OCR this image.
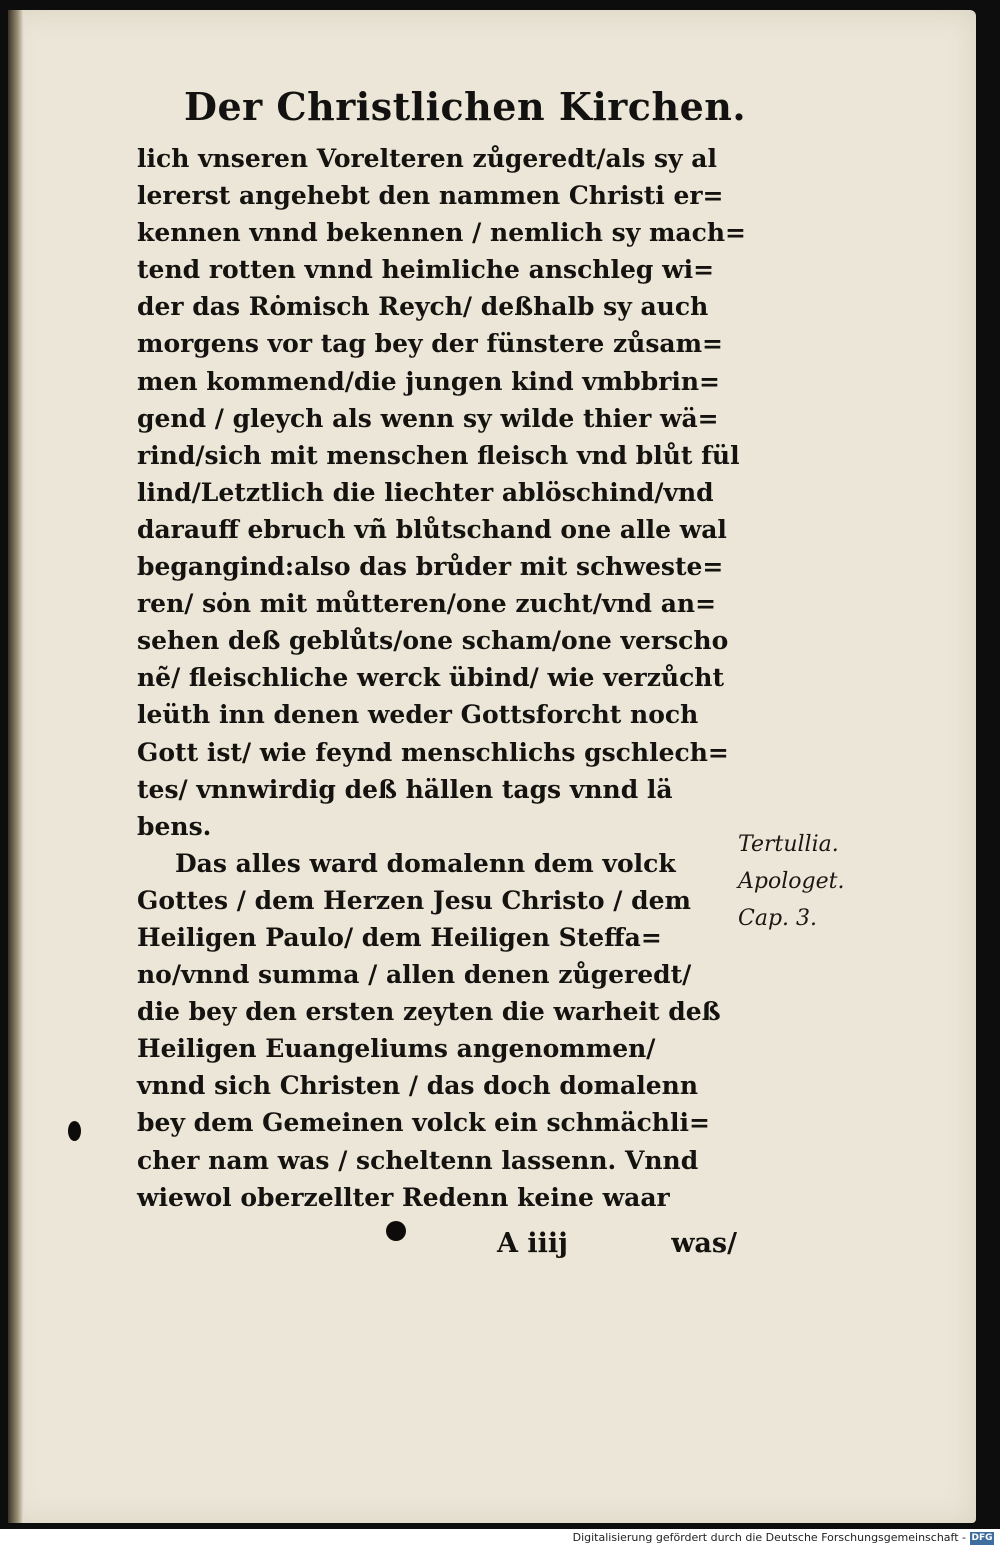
Der Christlichen Kirchen.
lich vnseren Vorelteren zůgeredt/als sy al
lererst angehebt den nammen Christi er=
kennen vnnd bekennen / nemlich sy mach=
tend rotten vnnd heimliche anschleg wi=
der das Rȯmisch Reych/ deßhalb sy auch
morgens vor tag bey der fünstere zůsam=
men kommend/die jungen kind vmbbrin=
gend / gleych als wenn sy wilde thier wä=
rind/sich mit menschen fleisch vnd blůt fül
lind/Letztlich die liechter ablöschind/vnd
darauff ebruch vñ blůtschand one alle wal
begangind:also das brůder mit schweste=
ren/ sȯn mit můtteren/one zucht/vnd an=
sehen deß geblůts/one scham/one verscho
nẽ/ fleischliche werck übind/ wie verzůcht
leüth inn denen weder Gottsforcht noch
Gott ist/ wie feynd menschlichs gschlech=
tes/ vnnwirdig deß hällen tags vnnd lä
bens.
Das alles ward domalenn dem volck
Gottes / dem Herzen Jesu Christo / dem
Heiligen Paulo/ dem Heiligen Steffa=
no/vnnd summa / allen denen zůgeredt/
die bey den ersten zeyten die warheit deß
Heiligen Euangeliums angenommen/
vnnd sich Christen / das doch domalenn
bey dem Gemeinen volck ein schmächli=
cher nam was / scheltenn lassenn. Vnnd
wiewol oberzellter Redenn keine waar
A iiij	was/
Tertullia.
Apologet.
Cap. 3.
Digitalisierung gefördert durch die Deutsche Forschungsgemeinschaft - DFG
